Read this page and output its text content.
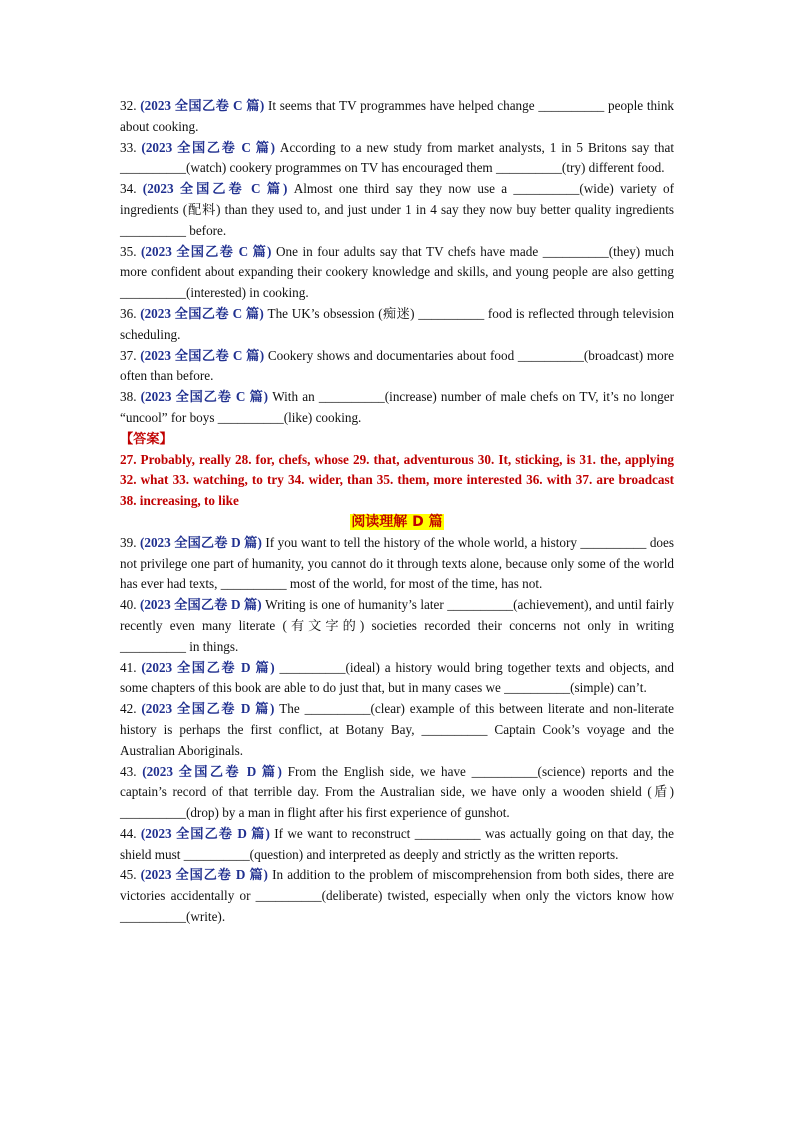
32. (2023 全国乙卷 C 篇) It seems that TV programmes have helped change __________ people think about cooking.

33. (2023 全国乙卷 C 篇) According to a new study from market analysts, 1 in 5 Britons say that __________(watch) cookery programmes on TV has encouraged them __________(try) different food.

34. (2023 全国乙卷 C 篇) Almost one third say they now use a __________(wide) variety of ingredients (配料) than they used to, and just under 1 in 4 say they now buy better quality ingredients __________ before.

35. (2023 全国乙卷 C 篇) One in four adults say that TV chefs have made __________(they) much more confident about expanding their cookery knowledge and skills, and young people are also getting __________(interested) in cooking.

36. (2023 全国乙卷 C 篇) The UK’s obsession (痴迷) __________ food is reflected through television scheduling.

37. (2023 全国乙卷 C 篇) Cookery shows and documentaries about food __________(broadcast) more often than before.

38. (2023 全国乙卷 C 篇) With an __________(increase) number of male chefs on TV, it’s no longer “uncool” for boys __________(like) cooking.

【答案】

27. Probably, really 28. for, chefs, whose 29. that, adventurous 30. It, sticking, is 31. the, applying 32. what 33. watching, to try 34. wider, than 35. them, more interested 36. with 37. are broadcast 38. increasing, to like

阅读理解 D 篇

39. (2023 全国乙卷 D 篇) If you want to tell the history of the whole world, a history __________ does not privilege one part of humanity, you cannot do it through texts alone, because only some of the world has ever had texts, __________ most of the world, for most of the time, has not.

40. (2023 全国乙卷 D 篇) Writing is one of humanity’s later __________(achievement), and until fairly recently even many literate (有文字的) societies recorded their concerns not only in writing __________ in things.

41. (2023 全国乙卷 D 篇) __________(ideal) a history would bring together texts and objects, and some chapters of this book are able to do just that, but in many cases we __________(simple) can’t.

42. (2023 全国乙卷 D 篇) The __________(clear) example of this between literate and non-literate history is perhaps the first conflict, at Botany Bay, __________ Captain Cook’s voyage and the Australian Aboriginals.

43. (2023 全国乙卷 D 篇) From the English side, we have __________(science) reports and the captain’s record of that terrible day. From the Australian side, we have only a wooden shield (盾) __________(drop) by a man in flight after his first experience of gunshot.

44. (2023 全国乙卷 D 篇) If we want to reconstruct __________ was actually going on that day, the shield must __________(question) and interpreted as deeply and strictly as the written reports.

45. (2023 全国乙卷 D 篇) In addition to the problem of miscomprehension from both sides, there are victories accidentally or __________(deliberate) twisted, especially when only the victors know how __________(write).
